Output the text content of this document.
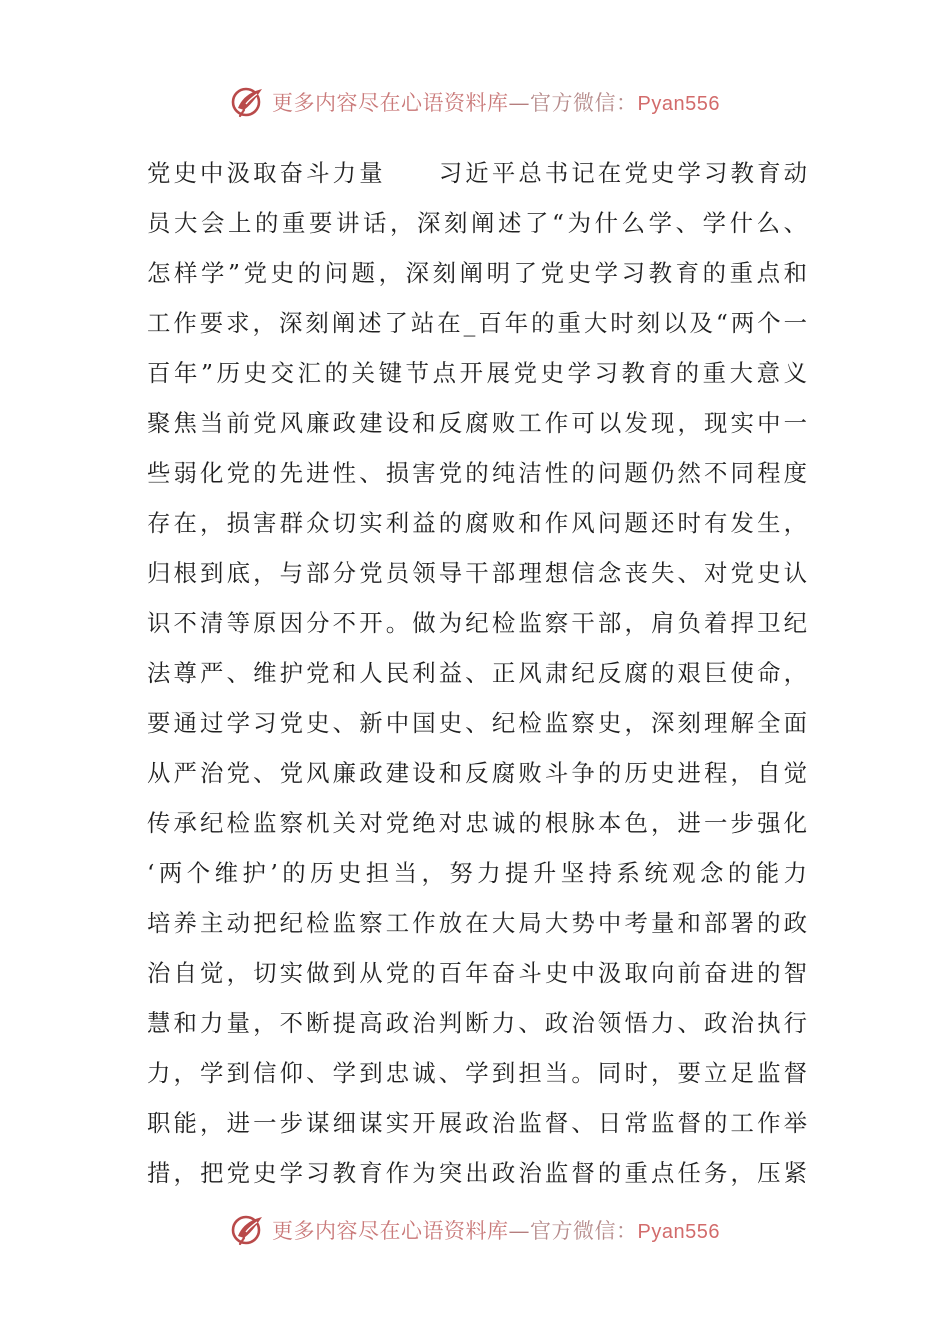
更多内容尽在心语资料库—官方微信：Pyan556
党史中汲取奋斗力量　　习近平总书记在党史学习教育动
员大会上的重要讲话，深刻阐述了“为什么学、学什么、
怎样学”党史的问题，深刻阐明了党史学习教育的重点和
工作要求，深刻阐述了站在_百年的重大时刻以及“两个一
百年”历史交汇的关键节点开展党史学习教育的重大意义
聚焦当前党风廉政建设和反腐败工作可以发现，现实中一
些弱化党的先进性、损害党的纯洁性的问题仍然不同程度
存在，损害群众切实利益的腐败和作风问题还时有发生，
归根到底，与部分党员领导干部理想信念丧失、对党史认
识不清等原因分不开。做为纪检监察干部，肩负着捍卫纪
法尊严、维护党和人民利益、正风肃纪反腐的艰巨使命，
要通过学习党史、新中国史、纪检监察史，深刻理解全面
从严治党、党风廉政建设和反腐败斗争的历史进程，自觉
传承纪检监察机关对党绝对忠诚的根脉本色，进一步强化
‘两个维护’的历史担当，努力提升坚持系统观念的能力
培养主动把纪检监察工作放在大局大势中考量和部署的政
治自觉，切实做到从党的百年奋斗史中汲取向前奋进的智
慧和力量，不断提高政治判断力、政治领悟力、政治执行
力，学到信仰、学到忠诚、学到担当。同时，要立足监督
职能，进一步谋细谋实开展政治监督、日常监督的工作举
措，把党史学习教育作为突出政治监督的重点任务，压紧
更多内容尽在心语资料库—官方微信：Pyan556
